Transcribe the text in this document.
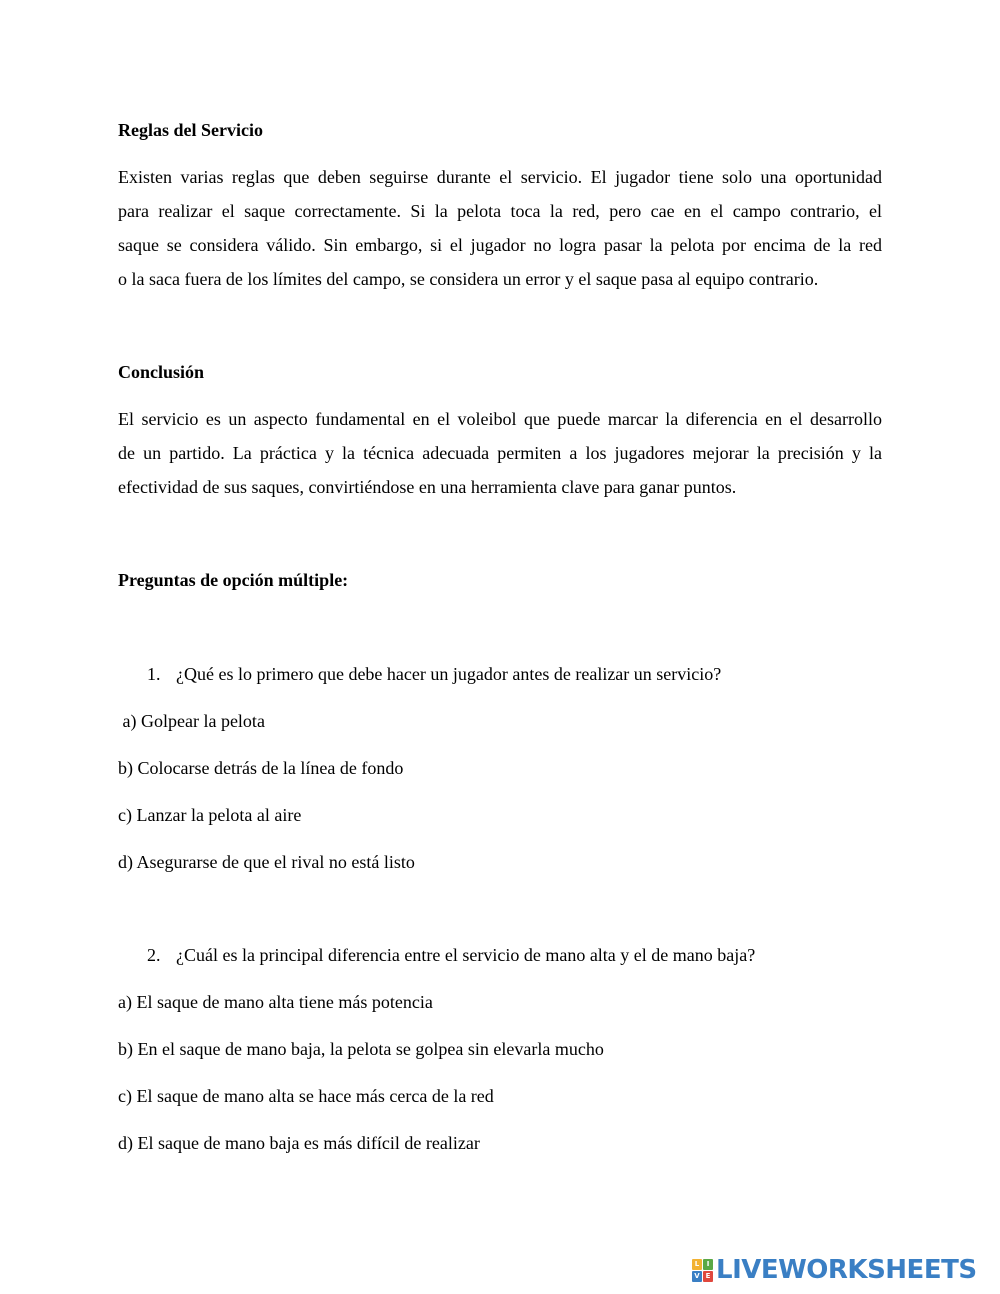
Reglas del Servicio
Existen varias reglas que deben seguirse durante el servicio. El jugador tiene solo una oportunidad
para realizar el saque correctamente. Si la pelota toca la red, pero cae en el campo contrario, el
saque se considera válido. Sin embargo, si el jugador no logra pasar la pelota por encima de la red
o la saca fuera de los límites del campo, se considera un error y el saque pasa al equipo contrario.
Conclusión
El servicio es un aspecto fundamental en el voleibol que puede marcar la diferencia en el desarrollo
de un partido. La práctica y la técnica adecuada permiten a los jugadores mejorar la precisión y la
efectividad de sus saques, convirtiéndose en una herramienta clave para ganar puntos.
Preguntas de opción múltiple:
1. ¿Qué es lo primero que debe hacer un jugador antes de realizar un servicio?
a) Golpear la pelota
b) Colocarse detrás de la línea de fondo
c) Lanzar la pelota al aire
d) Asegurarse de que el rival no está listo
2. ¿Cuál es la principal diferencia entre el servicio de mano alta y el de mano baja?
a) El saque de mano alta tiene más potencia
b) En el saque de mano baja, la pelota se golpea sin elevarla mucho
c) El saque de mano alta se hace más cerca de la red
d) El saque de mano baja es más difícil de realizar
L	I
V E LIVEWORKSHEETS
